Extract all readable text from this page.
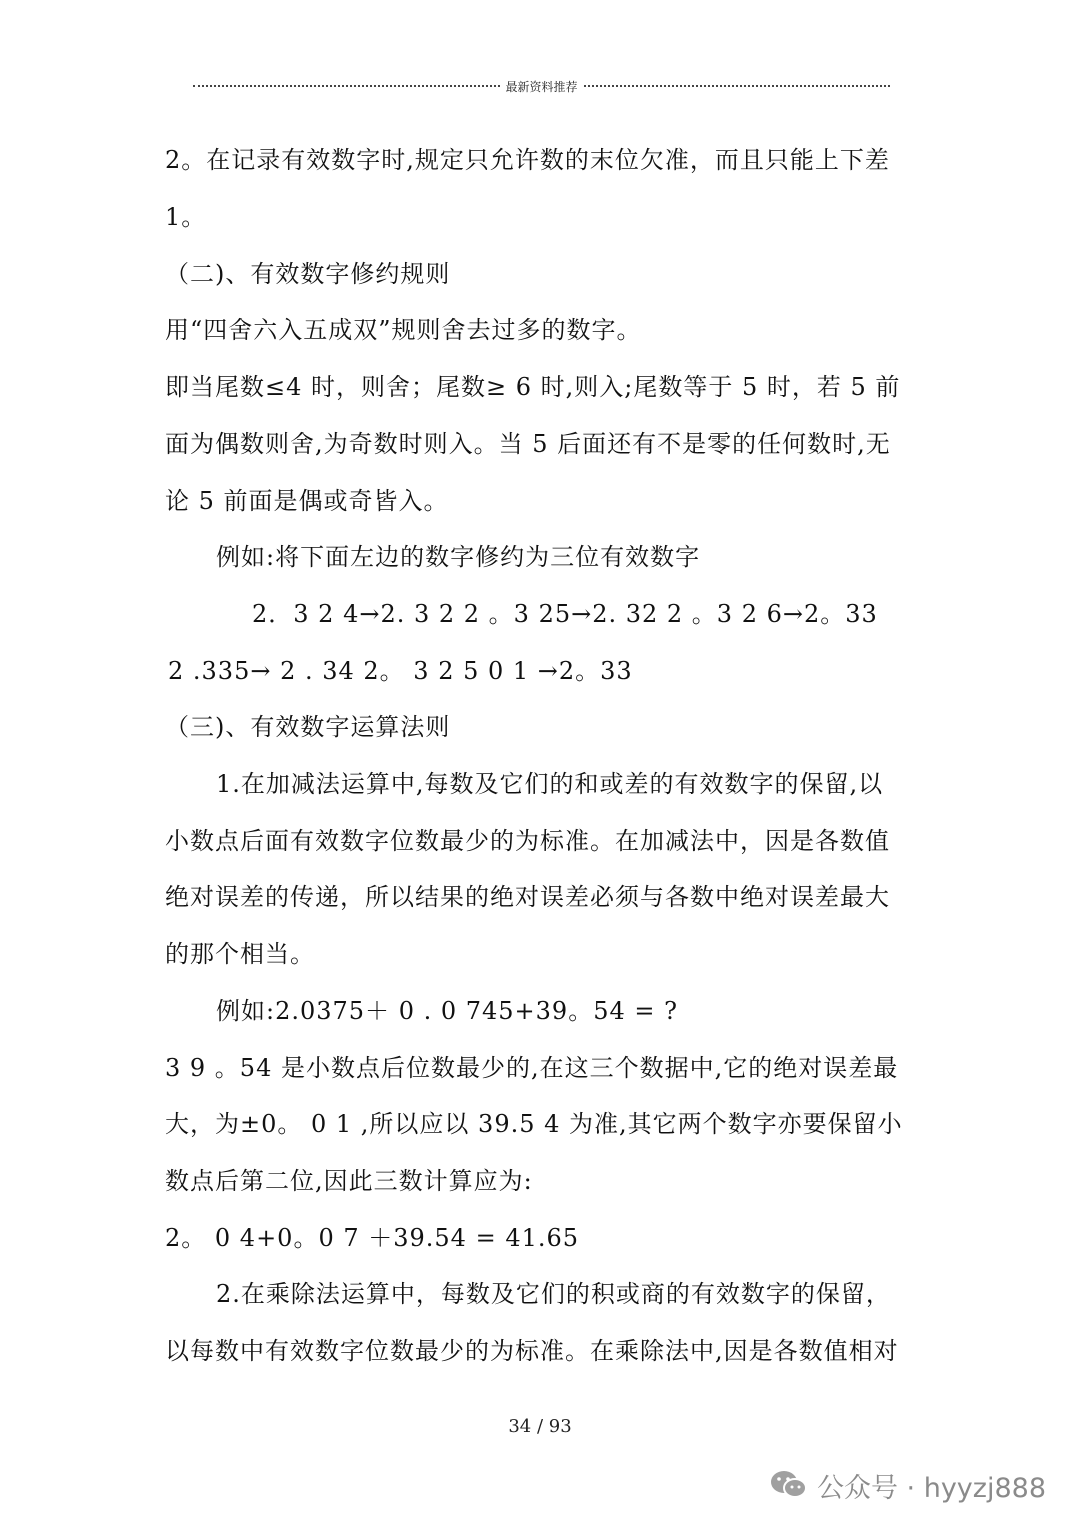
最新资料推荐
2。在记录有效数字时,规定只允许数的末位欠准，而且只能上下差
1。
（二)、有效数字修约规则
用“四舍六入五成双”规则舍去过多的数字。
即当尾数≤4 时，则舍；尾数≥ 6 时,则入;尾数等于 5 时，若 5 前
面为偶数则舍,为奇数时则入。当 5 后面还有不是零的任何数时,无
论 5 前面是偶或奇皆入。
例如:将下面左边的数字修约为三位有效数字
2．3 2 4→2. 3 2 2 。3 25→2. 32 2 。3 2 6→2。33
2 .335→ 2 . 34 2。 3 2 5 0 1 →2。33
（三)、有效数字运算法则
1.在加减法运算中,每数及它们的和或差的有效数字的保留,以
小数点后面有效数字位数最少的为标准。在加减法中，因是各数值
绝对误差的传递，所以结果的绝对误差必须与各数中绝对误差最大
的那个相当。
例如:2.0375＋ 0 . 0 745+39。54 = ?
3 9 。54 是小数点后位数最少的,在这三个数据中,它的绝对误差最
大，为±0。 0 1 ,所以应以 39.5 4 为准,其它两个数字亦要保留小
数点后第二位,因此三数计算应为:
2。 0 4+0。0 7 ＋39.54 = 41.65
2.在乘除法运算中，每数及它们的积或商的有效数字的保留，
以每数中有效数字位数最少的为标准。在乘除法中,因是各数值相对
34 / 93
公众号 · hyyzj888
